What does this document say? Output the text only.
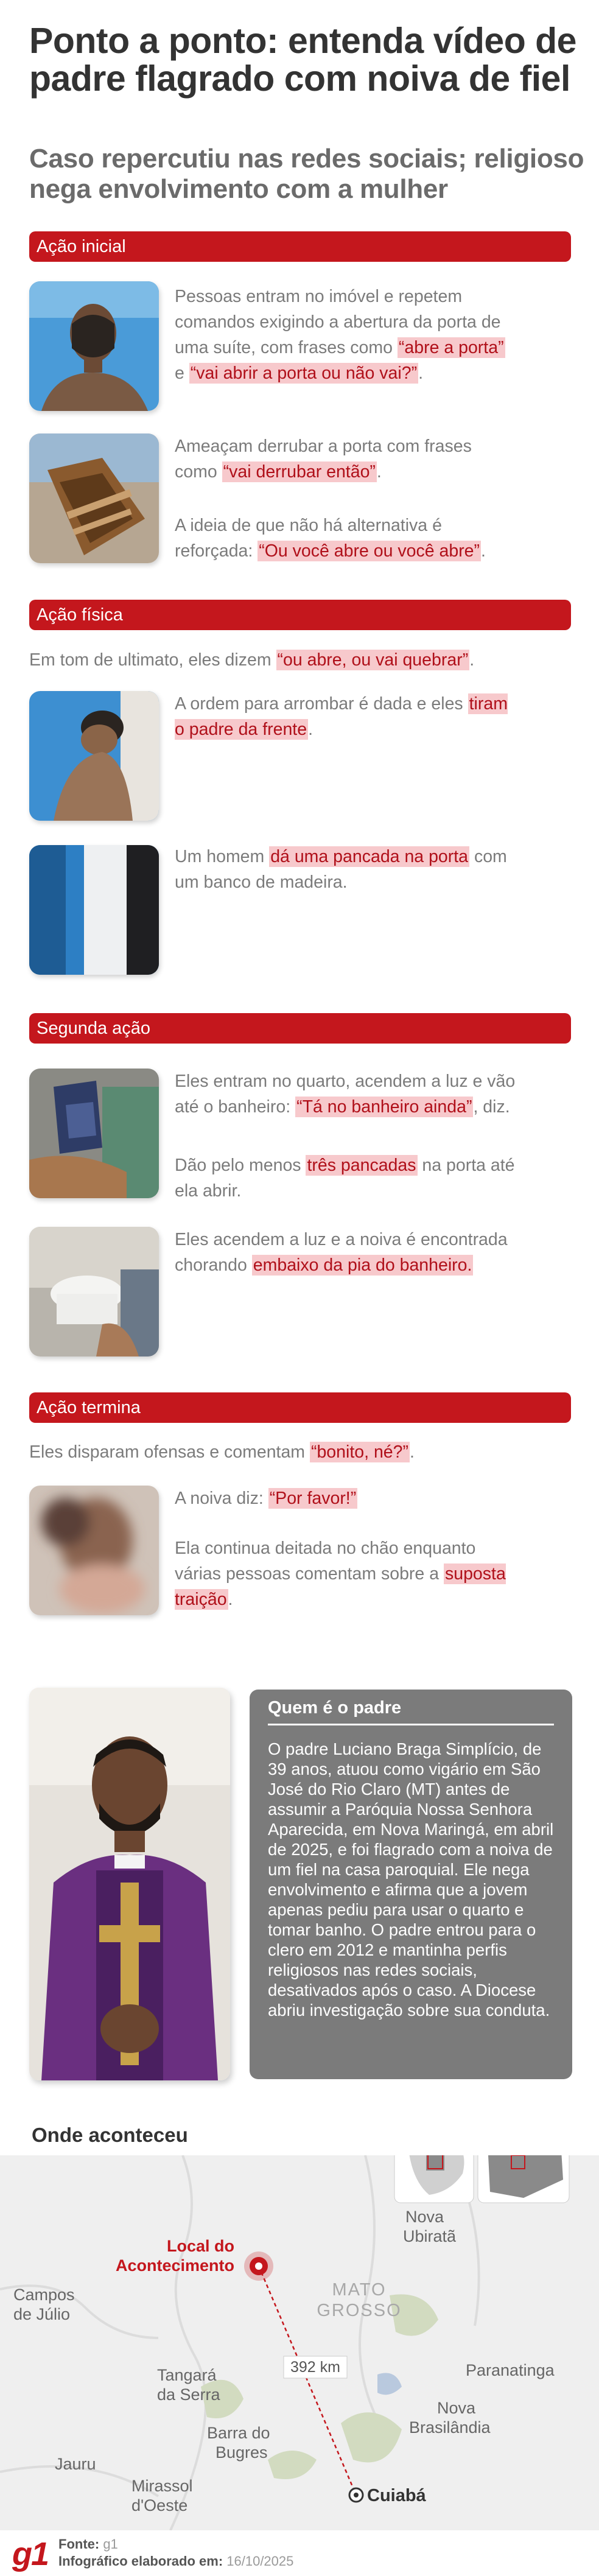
Ponto a ponto: entenda vídeo de padre flagrado com noiva de fiel
Caso repercutiu nas redes sociais; religioso nega envolvimento com a mulher
Ação inicial
Pessoas entram no imóvel e repetem comandos exigindo a abertura da porta de uma suíte, com frases como “abre a porta” e “vai abrir a porta ou não vai?”.
Ameaçam derrubar a porta com frases como “vai derrubar então”.
A ideia de que não há alternativa é reforçada: “Ou você abre ou você abre”.
Ação física
Em tom de ultimato, eles dizem “ou abre, ou vai quebrar”.
A ordem para arrombar é dada e eles tiram o padre da frente.
Um homem dá uma pancada na porta com um banco de madeira.
Segunda ação
Eles entram no quarto, acendem a luz e vão até o banheiro: “Tá no banheiro ainda”, diz.
Dão pelo menos três pancadas na porta até ela abrir.
Eles acendem a luz e a noiva é encontrada chorando embaixo da pia do banheiro.
Ação termina
Eles disparam ofensas e comentam “bonito, né?”.
A noiva diz: “Por favor!”
Ela continua deitada no chão enquanto várias pessoas comentam sobre a suposta traição.
Quem é o padre
O padre Luciano Braga Simplício, de 39 anos, atuou como vigário em São José do Rio Claro (MT) antes de assumir a Paróquia Nossa Senhora Aparecida, em Nova Maringá, em abril de 2025, e foi flagrado com a noiva de um fiel na casa paroquial. Ele nega envolvimento e afirma que a jovem apenas pediu para usar o quarto e tomar banho. O padre entrou para o clero em 2012 e mantinha perfis religiosos nas redes sociais, desativados após o caso. A Diocese abriu investigação sobre sua conduta.
Onde aconteceu
392 km
Local do
Acontecimento
MATO
GROSSO
Nova
Ubiratã
Campos
de Júlio
Tangará
da Serra
Barra do
Bugres
Paranatinga
Nova
Brasilândia
Jauru
Mirassol
d'Oeste	Cuiabá
g1 Fonte: g1
Infográfico elaborado em: 16/10/2025
